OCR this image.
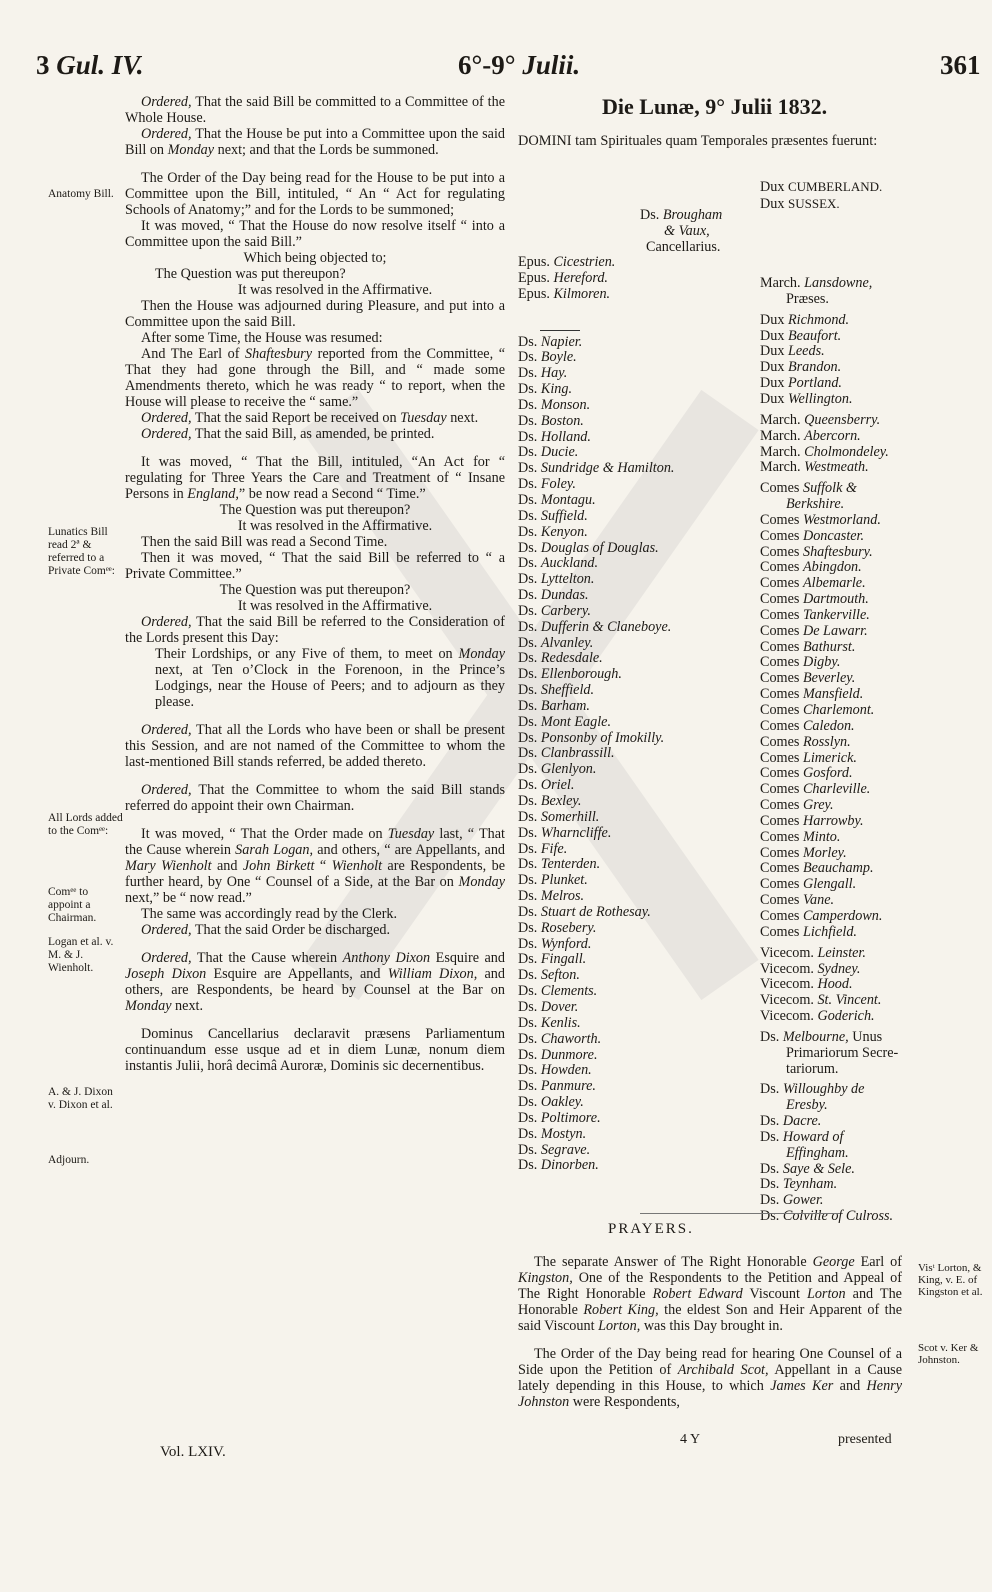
3 Gul. IV.	6°-9° Julii.	361

Ordered, That the said Bill be committed to a Committee of the Whole House.

Ordered, That the House be put into a Committee upon the said Bill on Monday next; and that the Lords be summoned.

The Order of the Day being read for the House to be put into a Committee upon the Bill, intituled, “ An “ Act for regulating Schools of Anatomy;” and for the Lords to be summoned;

It was moved, “ That the House do now resolve itself “ into a Committee upon the said Bill.”

Which being objected to;

The Question was put thereupon?

It was resolved in the Affirmative.

Then the House was adjourned during Pleasure, and put into a Committee upon the said Bill.

After some Time, the House was resumed:

And The Earl of Shaftesbury reported from the Committee, “ That they had gone through the Bill, and “ made some Amendments thereto, which he was ready “ to report, when the House will please to receive the “ same.”

Ordered, That the said Report be received on Tuesday next.

Ordered, That the said Bill, as amended, be printed.

It was moved, “ That the Bill, intituled, “An Act for “ regulating for Three Years the Care and Treatment of “ Insane Persons in England,” be now read a Second “ Time.”

The Question was put thereupon?

It was resolved in the Affirmative.

Then the said Bill was read a Second Time.

Then it was moved, “ That the said Bill be referred to “ a Private Committee.”

The Question was put thereupon?

It was resolved in the Affirmative.

Ordered, That the said Bill be referred to the Consideration of the Lords present this Day:

Their Lordships, or any Five of them, to meet on Monday next, at Ten o’Clock in the Forenoon, in the Prince’s Lodgings, near the House of Peers; and to adjourn as they please.

Ordered, That all the Lords who have been or shall be present this Session, and are not named of the Committee to whom the last-mentioned Bill stands referred, be added thereto.

Ordered, That the Committee to whom the said Bill stands referred do appoint their own Chairman.

It was moved, “ That the Order made on Tuesday last, “ That the Cause wherein Sarah Logan, and others, “ are Appellants, and Mary Wienholt and John Birkett “ Wienholt are Respondents, be further heard, by One “ Counsel of a Side, at the Bar on Monday next,” be “ now read.”

The same was accordingly read by the Clerk.

Ordered, That the said Order be discharged.

Ordered, That the Cause wherein Anthony Dixon Esquire and Joseph Dixon Esquire are Appellants, and William Dixon, and others, are Respondents, be heard by Counsel at the Bar on Monday next.

Dominus Cancellarius declaravit præsens Parliamentum continuandum esse usque ad et in diem Lunæ, nonum diem instantis Julii, horâ decimâ Auroræ, Dominis sic decernentibus.

Anatomy Bill.
Lunatics Bill read 2ª & referred to a Private Comᵉᵉ:
All Lords added to the Comᵉᵉ:
Comᵉᵉ to appoint a Chairman.
Logan et al. v. M. & J. Wienholt.
A. & J. Dixon v. Dixon et al.
Adjourn.
Die Lunæ, 9° Julii 1832.

DOMINI tam Spirituales quam Temporales præsentes fuerunt:

Ds. Brougham
& Vaux,
Cancellarius.
Epus. Cicestrien.
Epus. Hereford.
Epus. Kilmoren.
Ds. Napier.
Ds. Boyle.
Ds. Hay.
Ds. King.
Ds. Monson.
Ds. Boston.
Ds. Holland.
Ds. Ducie.
Ds. Sundridge & Hamilton.
Ds. Foley.
Ds. Montagu.
Ds. Suffield.
Ds. Kenyon.
Ds. Douglas of Douglas.
Ds. Auckland.
Ds. Lyttelton.
Ds. Dundas.
Ds. Carbery.
Ds. Dufferin & Claneboye.
Ds. Alvanley.
Ds. Redesdale.
Ds. Ellenborough.
Ds. Sheffield.
Ds. Barham.
Ds. Mont Eagle.
Ds. Ponsonby of Imokilly.
Ds. Clanbrassill.
Ds. Glenlyon.
Ds. Oriel.
Ds. Bexley.
Ds. Somerhill.
Ds. Wharncliffe.
Ds. Fife.
Ds. Tenterden.
Ds. Plunket.
Ds. Melros.
Ds. Stuart de Rothesay.
Ds. Rosebery.
Ds. Wynford.
Ds. Fingall.
Ds. Sefton.
Ds. Clements.
Ds. Dover.
Ds. Kenlis.
Ds. Chaworth.
Ds. Dunmore.
Ds. Howden.
Ds. Panmure.
Ds. Oakley.
Ds. Poltimore.
Ds. Mostyn.
Ds. Segrave.
Ds. Dinorben.
Dux CUMBERLAND.
Dux SUSSEX.
March. Lansdowne,
Præses.
Dux Richmond.
Dux Beaufort.
Dux Leeds.
Dux Brandon.
Dux Portland.
Dux Wellington.
March. Queensberry.
March. Abercorn.
March. Cholmondeley.
March. Westmeath.
Comes Suffolk &
Berkshire.
Comes Westmorland.
Comes Doncaster.
Comes Shaftesbury.
Comes Abingdon.
Comes Albemarle.
Comes Dartmouth.
Comes Tankerville.
Comes De Lawarr.
Comes Bathurst.
Comes Digby.
Comes Beverley.
Comes Mansfield.
Comes Charlemont.
Comes Caledon.
Comes Rosslyn.
Comes Limerick.
Comes Gosford.
Comes Charleville.
Comes Grey.
Comes Harrowby.
Comes Minto.
Comes Morley.
Comes Beauchamp.
Comes Glengall.
Comes Vane.
Comes Camperdown.
Comes Lichfield.
Vicecom. Leinster.
Vicecom. Sydney.
Vicecom. Hood.
Vicecom. St. Vincent.
Vicecom. Goderich.
Ds. Melbourne, Unus
Primariorum Secre-
tariorum.
Ds. Willoughby de
Eresby.
Ds. Dacre.
Ds. Howard of
Effingham.
Ds. Saye & Sele.
Ds. Teynham.
Ds. Gower.
Ds. Colville of Culross.
PRAYERS.

The separate Answer of The Right Honorable George Earl of Kingston, One of the Respondents to the Petition and Appeal of The Right Honorable Robert Edward Viscount Lorton and The Honorable Robert King, the eldest Son and Heir Apparent of the said Viscount Lorton, was this Day brought in.

The Order of the Day being read for hearing One Counsel of a Side upon the Petition of Archibald Scot, Appellant in a Cause lately depending in this House, to which James Ker and Henry Johnston were Respondents,

Visᵗ Lorton, & King, v. E. of Kingston et al.
Scot v. Ker & Johnston.
Vol. LXIV.
4 Y	presented
